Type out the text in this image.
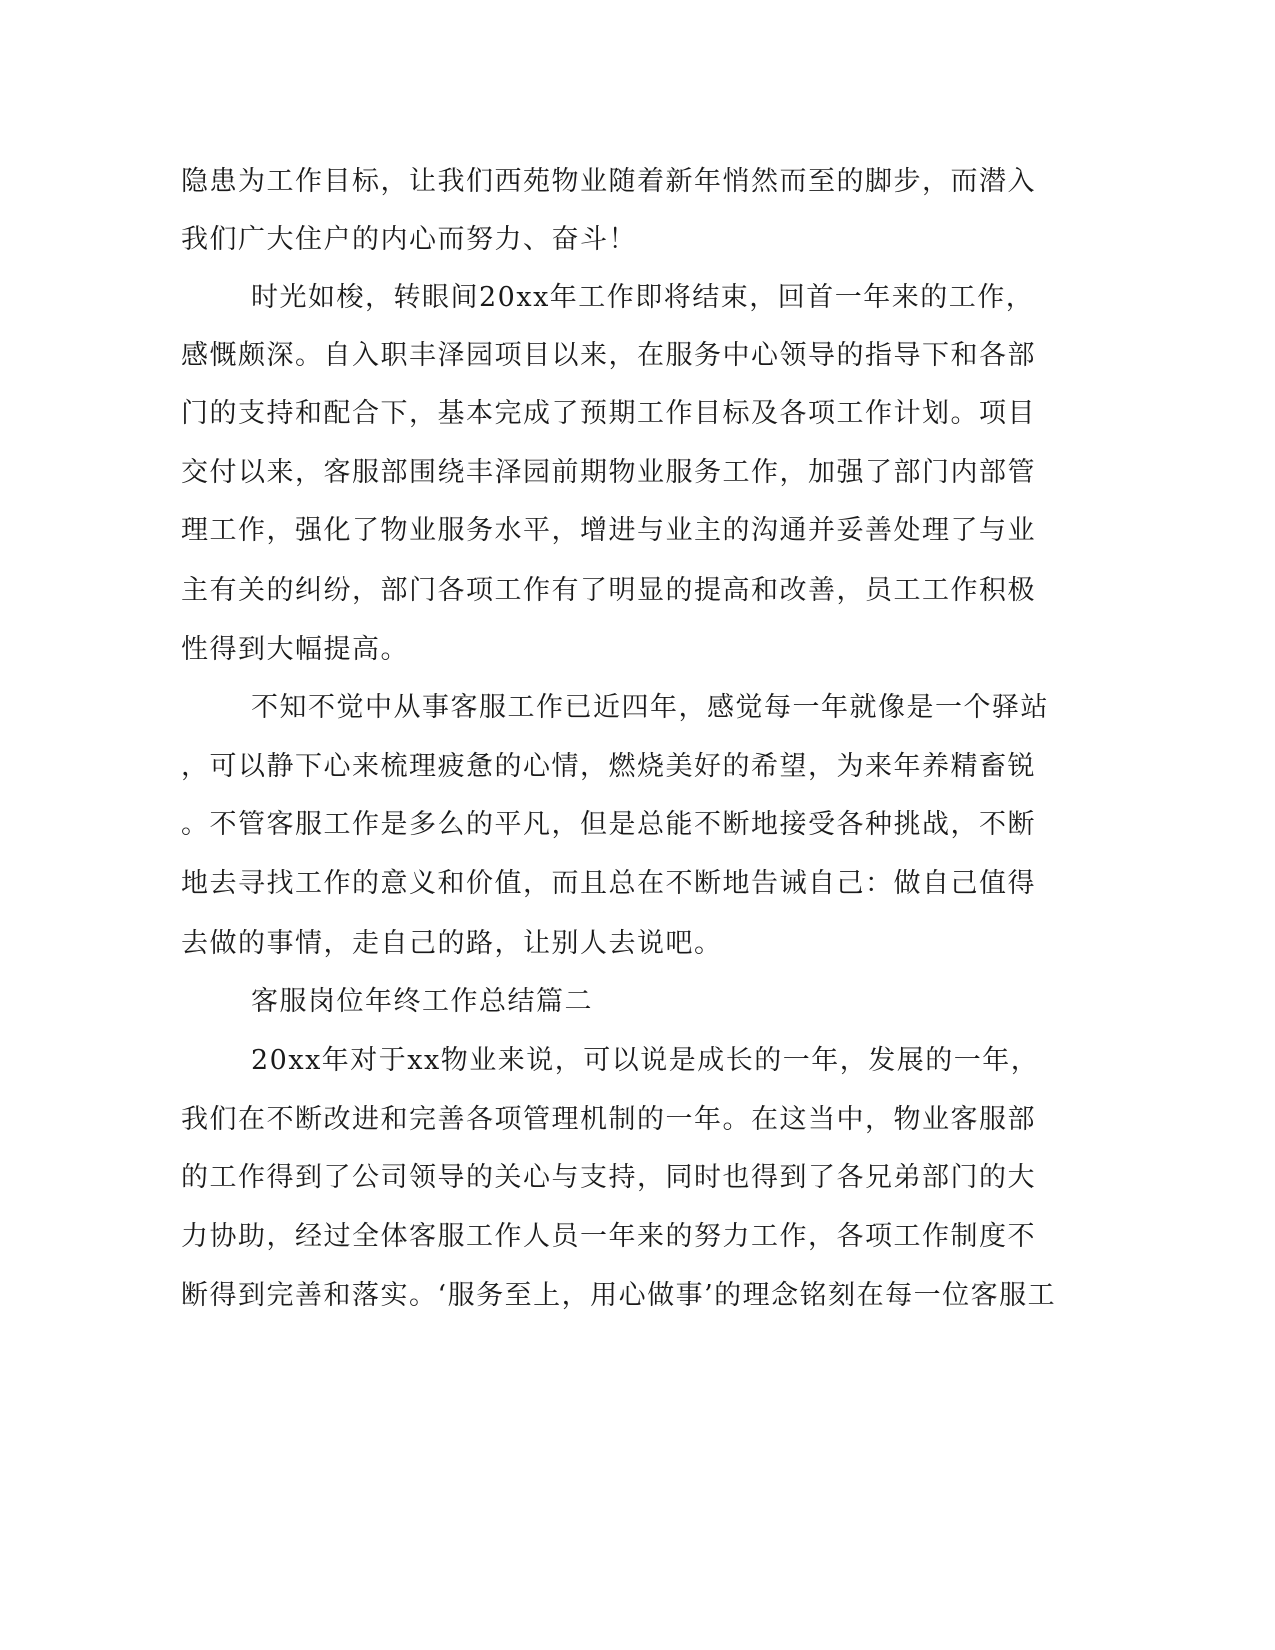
隐患为工作目标，让我们西苑物业随着新年悄然而至的脚步，而潜入

我们广大住户的内心而努力、奋斗！

时光如梭，转眼间20xx年工作即将结束，回首一年来的工作，

感慨颇深。自入职丰泽园项目以来，在服务中心领导的指导下和各部

门的支持和配合下，基本完成了预期工作目标及各项工作计划。项目

交付以来，客服部围绕丰泽园前期物业服务工作，加强了部门内部管

理工作，强化了物业服务水平，增进与业主的沟通并妥善处理了与业

主有关的纠纷，部门各项工作有了明显的提高和改善，员工工作积极

性得到大幅提高。

不知不觉中从事客服工作已近四年，感觉每一年就像是一个驿站

，可以静下心来梳理疲惫的心情，燃烧美好的希望，为来年养精畜锐

。不管客服工作是多么的平凡，但是总能不断地接受各种挑战，不断

地去寻找工作的意义和价值，而且总在不断地告诫自己：做自己值得

去做的事情，走自己的路，让别人去说吧。

客服岗位年终工作总结篇二

20xx年对于xx物业来说，可以说是成长的一年，发展的一年，

我们在不断改进和完善各项管理机制的一年。在这当中，物业客服部

的工作得到了公司领导的关心与支持，同时也得到了各兄弟部门的大

力协助，经过全体客服工作人员一年来的努力工作，各项工作制度不

断得到完善和落实。‘服务至上，用心做事’的理念铭刻在每一位客服工
